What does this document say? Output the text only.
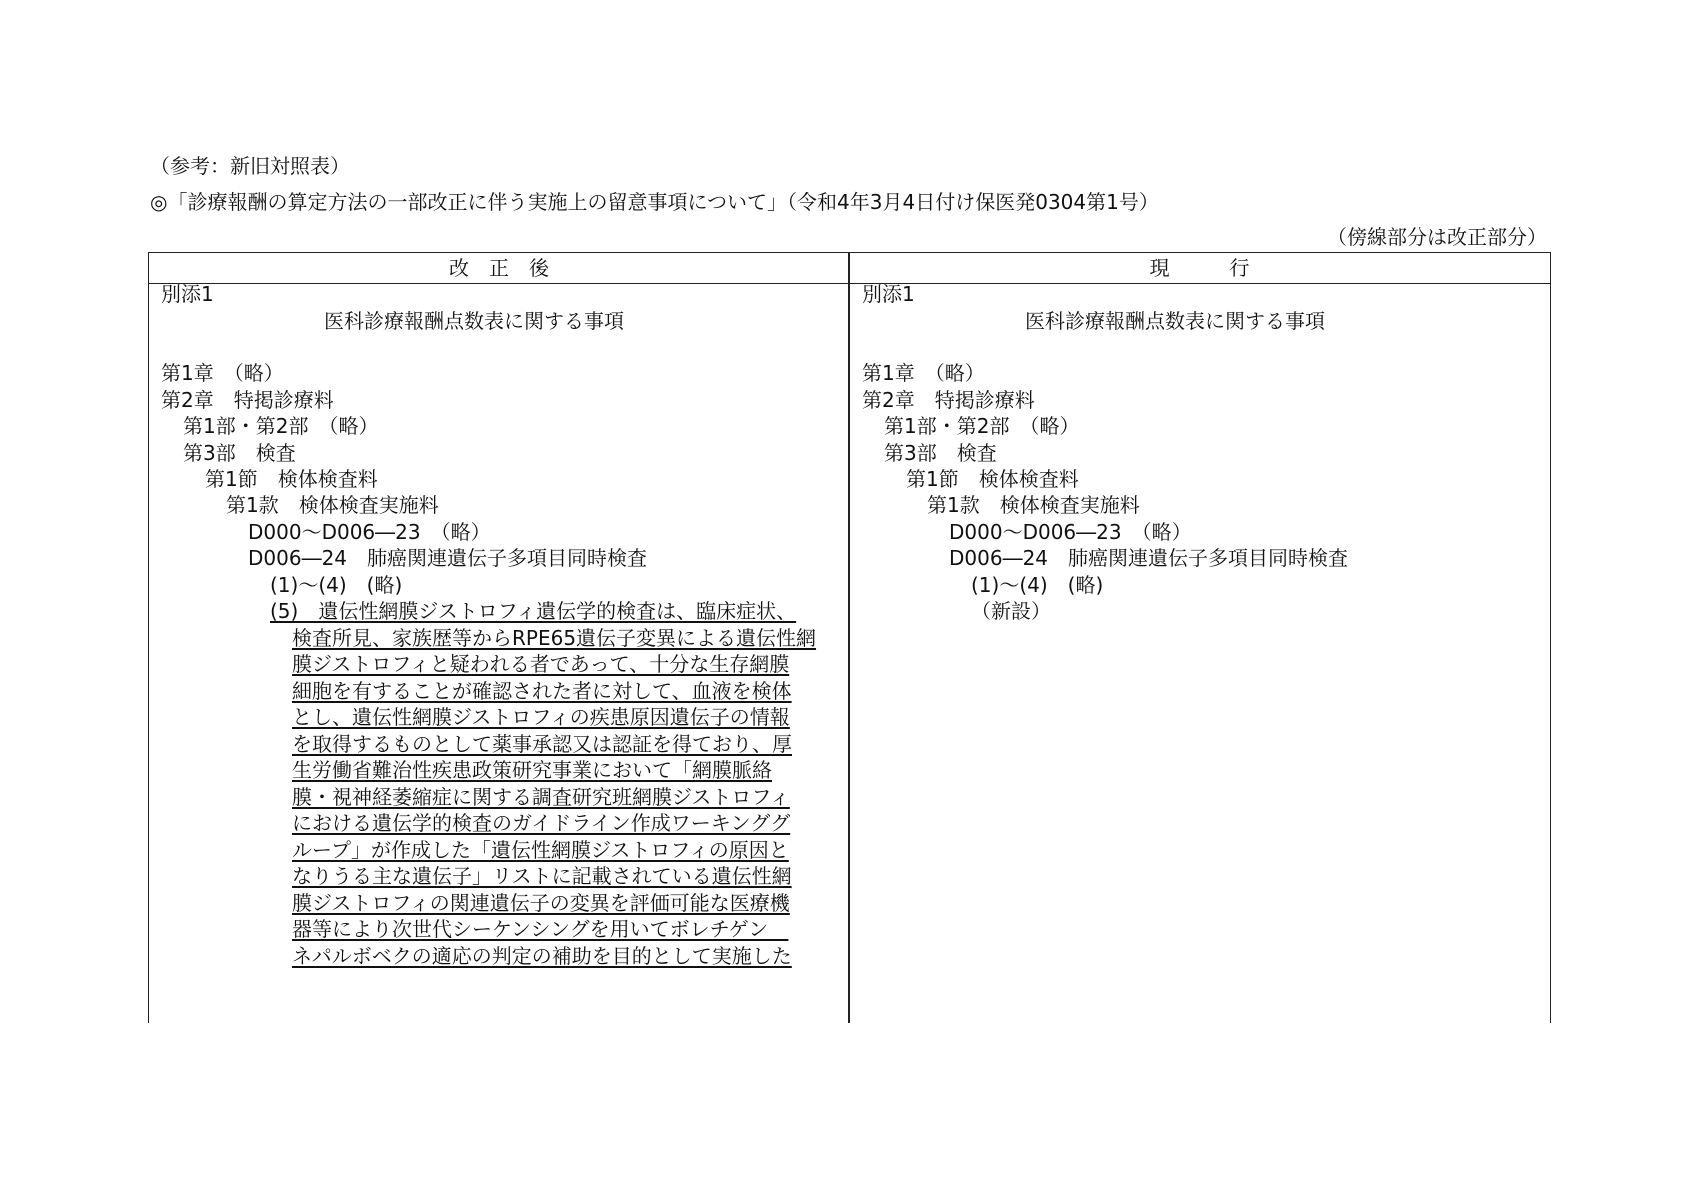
（参考：新旧対照表）
◎「診療報酬の算定方法の一部改正に伴う実施上の留意事項について」（令和4年3月4日付け保医発0304第1号）
（傍線部分は改正部分）
改　正　後	現　　　行
別添1
医科診療報酬点数表に関する事項
第1章　（略）
第2章　特掲診療料
第1部・第2部　（略）
第3部　検査
第1節　検体検査料
第1款　検体検査実施料
D000～D006―23　（略）
D006―24　肺癌関連遺伝子多項目同時検査
(1)～(4)　(略)
(5)　遺伝性網膜ジストロフィ遺伝学的検査は、臨床症状、
検査所見、家族歴等からRPE65遺伝子変異による遺伝性網
膜ジストロフィと疑われる者であって、十分な生存網膜
細胞を有することが確認された者に対して、血液を検体
とし、遺伝性網膜ジストロフィの疾患原因遺伝子の情報
を取得するものとして薬事承認又は認証を得ており、厚
生労働省難治性疾患政策研究事業において「網膜脈絡
膜・視神経萎縮症に関する調査研究班網膜ジストロフィ
における遺伝学的検査のガイドライン作成ワーキンググ
ループ」が作成した「遺伝性網膜ジストロフィの原因と
なりうる主な遺伝子」リストに記載されている遺伝性網
膜ジストロフィの関連遺伝子の変異を評価可能な医療機
器等により次世代シーケンシングを用いてボレチゲン　
ネパルボベクの適応の判定の補助を目的として実施した
別添1
医科診療報酬点数表に関する事項
第1章　（略）
第2章　特掲診療料
第1部・第2部　（略）
第3部　検査
第1節　検体検査料
第1款　検体検査実施料
D000～D006―23　（略）
D006―24　肺癌関連遺伝子多項目同時検査
(1)～(4)　(略)
（新設）
